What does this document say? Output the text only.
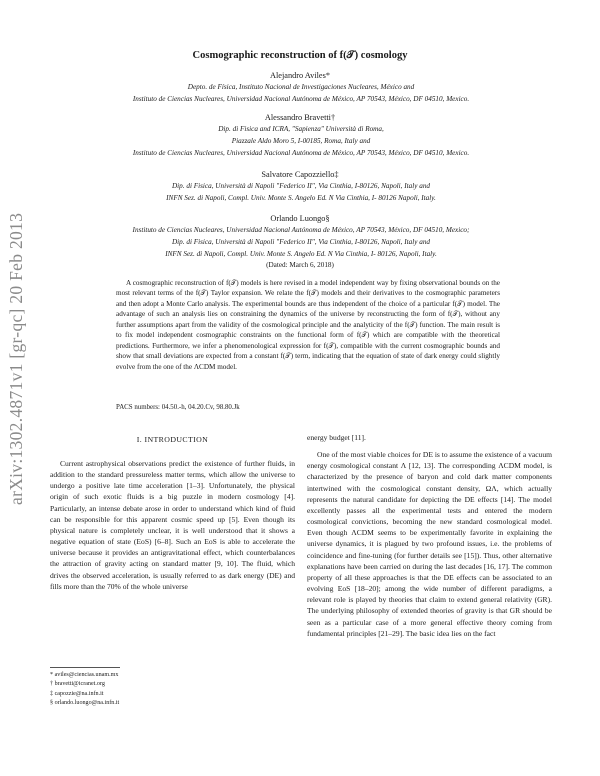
arXiv:1302.4871v1 [gr-qc] 20 Feb 2013
Cosmographic reconstruction of f(𝒯) cosmology
Alejandro Aviles*
Depto. de Física, Instituto Nacional de Investigaciones Nucleares, México and
Instituto de Ciencias Nucleares, Universidad Nacional Autónoma de México, AP 70543, México, DF 04510, Mexico.
Alessandro Bravetti†
Dip. di Fisica and ICRA, "Sapienza" Università di Roma,
Piazzale Aldo Moro 5, I-00185, Roma, Italy and
Instituto de Ciencias Nucleares, Universidad Nacional Autónoma de México, AP 70543, México, DF 04510, Mexico.
Salvatore Capozziello‡
Dip. di Fisica, Università di Napoli "Federico II", Via Cinthia, I-80126, Napoli, Italy and
INFN Sez. di Napoli, Compl. Univ. Monte S. Angelo Ed. N Via Cinthia, I- 80126 Napoli, Italy.
Orlando Luongo§
Instituto de Ciencias Nucleares, Universidad Nacional Autónoma de México, AP 70543, México, DF 04510, Mexico;
Dip. di Fisica, Università di Napoli "Federico II", Via Cinthia, I-80126, Napoli, Italy and
INFN Sez. di Napoli, Compl. Univ. Monte S. Angelo Ed. N Via Cinthia, I- 80126, Napoli, Italy.
(Dated: March 6, 2018)
A cosmographic reconstruction of f(𝒯) models is here revised in a model independent way by fixing observational bounds on the most relevant terms of the f(𝒯) Taylor expansion. We relate the f(𝒯) models and their derivatives to the cosmographic parameters and then adopt a Monte Carlo analysis. The experimental bounds are thus independent of the choice of a particular f(𝒯) model. The advantage of such an analysis lies on constraining the dynamics of the universe by reconstructing the form of f(𝒯), without any further assumptions apart from the validity of the cosmological principle and the analyticity of the f(𝒯) function. The main result is to fix model independent cosmographic constraints on the functional form of f(𝒯) which are compatible with the theoretical predictions. Furthermore, we infer a phenomenological expression for f(𝒯), compatible with the current cosmographic bounds and show that small deviations are expected from a constant f(𝒯) term, indicating that the equation of state of dark energy could slightly evolve from the one of the ΛCDM model.
PACS numbers: 04.50.-h, 04.20.Cv, 98.80.Jk
I. INTRODUCTION

Current astrophysical observations predict the existence of further fluids, in addition to the standard pressureless matter terms, which allow the universe to undergo a positive late time acceleration [1–3]. Unfortunately, the physical origin of such exotic fluids is a big puzzle in modern cosmology [4]. Particularly, an intense debate arose in order to understand which kind of fluid can be responsible for this apparent cosmic speed up [5]. Even though its physical nature is completely unclear, it is well understood that it shows a negative equation of state (EoS) [6–8]. Such an EoS is able to accelerate the universe because it provides an antigravitational effect, which counterbalances the attraction of gravity acting on standard matter [9, 10]. The fluid, which drives the observed acceleration, is usually referred to as dark energy (DE) and fills more than the 70% of the whole universe

energy budget [11].

One of the most viable choices for DE is to assume the existence of a vacuum energy cosmological constant Λ [12, 13]. The corresponding ΛCDM model, is characterized by the presence of baryon and cold dark matter components intertwined with the cosmological constant density, ΩΛ, which actually represents the natural candidate for depicting the DE effects [14]. The model excellently passes all the experimental tests and entered the modern cosmological convictions, becoming the new standard cosmological model. Even though ΛCDM seems to be experimentally favorite in explaining the universe dynamics, it is plagued by two profound issues, i.e. the problems of coincidence and fine-tuning (for further details see [15]). Thus, other alternative explanations have been carried on during the last decades [16, 17]. The common property of all these approaches is that the DE effects can be associated to an evolving EoS [18–20]; among the wide number of different paradigms, a relevant role is played by theories that claim to extend general relativity (GR). The underlying philosophy of extended theories of gravity is that GR should be seen as a particular case of a more general effective theory coming from fundamental principles [21–29]. The basic idea lies on the fact

* aviles@ciencias.unam.mx
† bravetti@icranet.org
‡ capozzie@na.infn.it
§ orlando.luongo@na.infn.it
